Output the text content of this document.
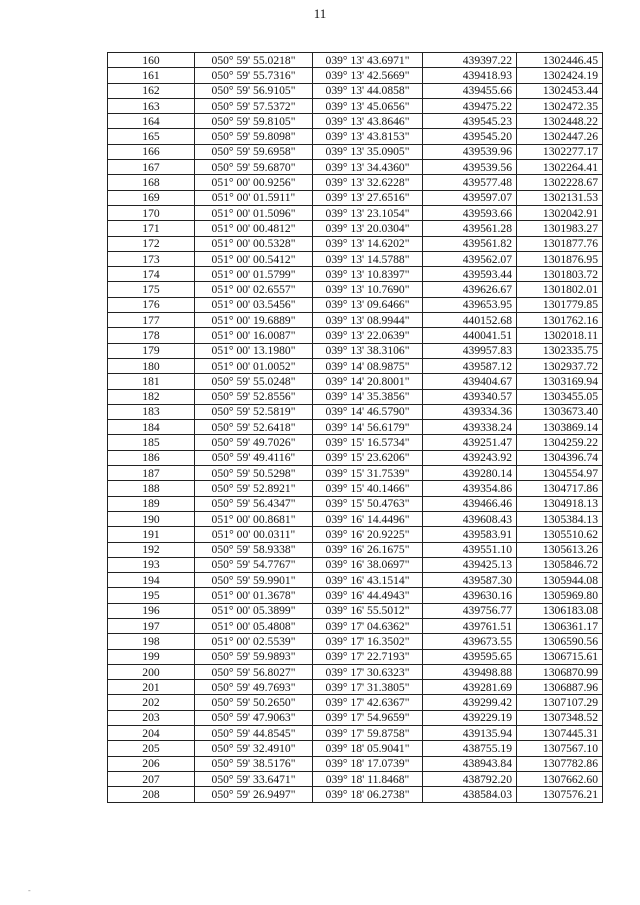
11
160	050° 59' 55.0218"	039° 13' 43.6971"	439397.22	1302446.45
161	050° 59' 55.7316"	039° 13' 42.5669"	439418.93	1302424.19
162	050° 59' 56.9105"	039° 13' 44.0858"	439455.66	1302453.44
163	050° 59' 57.5372"	039° 13' 45.0656"	439475.22	1302472.35
164	050° 59' 59.8105"	039° 13' 43.8646"	439545.23	1302448.22
165	050° 59' 59.8098"	039° 13' 43.8153"	439545.20	1302447.26
166	050° 59' 59.6958"	039° 13' 35.0905"	439539.96	1302277.17
167	050° 59' 59.6870"	039° 13' 34.4360"	439539.56	1302264.41
168	051° 00' 00.9256"	039° 13' 32.6228"	439577.48	1302228.67
169	051° 00' 01.5911"	039° 13' 27.6516"	439597.07	1302131.53
170	051° 00' 01.5096"	039° 13' 23.1054"	439593.66	1302042.91
171	051° 00' 00.4812"	039° 13' 20.0304"	439561.28	1301983.27
172	051° 00' 00.5328"	039° 13' 14.6202"	439561.82	1301877.76
173	051° 00' 00.5412"	039° 13' 14.5788"	439562.07	1301876.95
174	051° 00' 01.5799"	039° 13' 10.8397"	439593.44	1301803.72
175	051° 00' 02.6557"	039° 13' 10.7690"	439626.67	1301802.01
176	051° 00' 03.5456"	039° 13' 09.6466"	439653.95	1301779.85
177	051° 00' 19.6889"	039° 13' 08.9944"	440152.68	1301762.16
178	051° 00' 16.0087"	039° 13' 22.0639"	440041.51	1302018.11
179	051° 00' 13.1980"	039° 13' 38.3106"	439957.83	1302335.75
180	051° 00' 01.0052"	039° 14' 08.9875"	439587.12	1302937.72
181	050° 59' 55.0248"	039° 14' 20.8001"	439404.67	1303169.94
182	050° 59' 52.8556"	039° 14' 35.3856"	439340.57	1303455.05
183	050° 59' 52.5819"	039° 14' 46.5790"	439334.36	1303673.40
184	050° 59' 52.6418"	039° 14' 56.6179"	439338.24	1303869.14
185	050° 59' 49.7026"	039° 15' 16.5734"	439251.47	1304259.22
186	050° 59' 49.4116"	039° 15' 23.6206"	439243.92	1304396.74
187	050° 59' 50.5298"	039° 15' 31.7539"	439280.14	1304554.97
188	050° 59' 52.8921"	039° 15' 40.1466"	439354.86	1304717.86
189	050° 59' 56.4347"	039° 15' 50.4763"	439466.46	1304918.13
190	051° 00' 00.8681"	039° 16' 14.4496"	439608.43	1305384.13
191	051° 00' 00.0311"	039° 16' 20.9225"	439583.91	1305510.62
192	050° 59' 58.9338"	039° 16' 26.1675"	439551.10	1305613.26
193	050° 59' 54.7767"	039° 16' 38.0697"	439425.13	1305846.72
194	050° 59' 59.9901"	039° 16' 43.1514"	439587.30	1305944.08
195	051° 00' 01.3678"	039° 16' 44.4943"	439630.16	1305969.80
196	051° 00' 05.3899"	039° 16' 55.5012"	439756.77	1306183.08
197	051° 00' 05.4808"	039° 17' 04.6362"	439761.51	1306361.17
198	051° 00' 02.5539"	039° 17' 16.3502"	439673.55	1306590.56
199	050° 59' 59.9893"	039° 17' 22.7193"	439595.65	1306715.61
200	050° 59' 56.8027"	039° 17' 30.6323"	439498.88	1306870.99
201	050° 59' 49.7693"	039° 17' 31.3805"	439281.69	1306887.96
202	050° 59' 50.2650"	039° 17' 42.6367"	439299.42	1307107.29
203	050° 59' 47.9063"	039° 17' 54.9659"	439229.19	1307348.52
204	050° 59' 44.8545"	039° 17' 59.8758"	439135.94	1307445.31
205	050° 59' 32.4910"	039° 18' 05.9041"	438755.19	1307567.10
206	050° 59' 38.5176"	039° 18' 17.0739"	438943.84	1307782.86
207	050° 59' 33.6471"	039° 18' 11.8468"	438792.20	1307662.60
208	050° 59' 26.9497"	039° 18' 06.2738"	438584.03	1307576.21
-
